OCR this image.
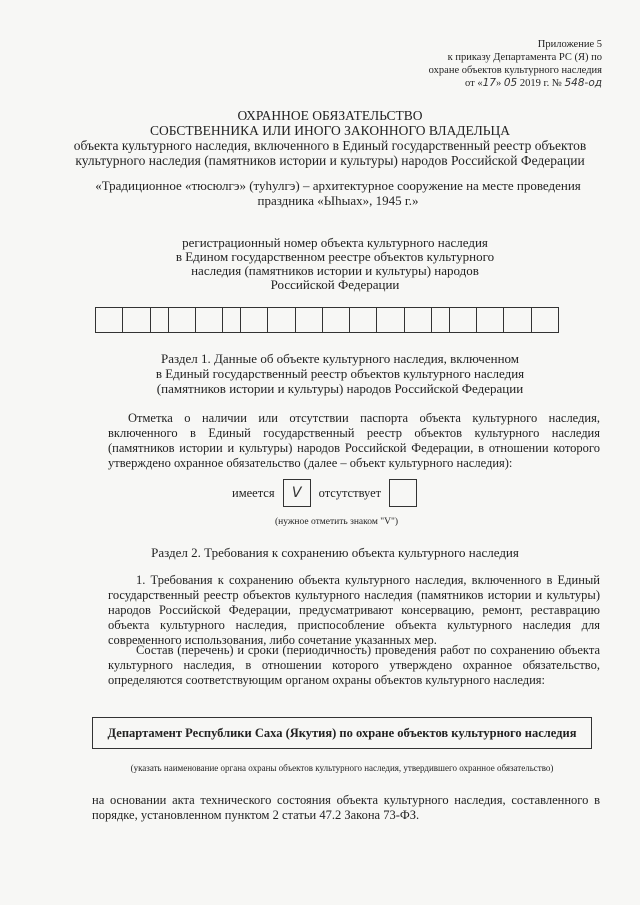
Приложение 5
к приказу Департамента РС (Я) по
охране объектов культурного наследия
от «17» 05 2019 г. № 548-од
ОХРАННОЕ ОБЯЗАТЕЛЬСТВО
СОБСТВЕННИКА ИЛИ ИНОГО ЗАКОННОГО ВЛАДЕЛЬЦА
объекта культурного наследия, включенного в Единый государственный реестр объектов
культурного наследия (памятников истории и культуры) народов Российской Федерации
«Традиционное «тюсюлгэ» (туhулгэ) – архитектурное сооружение на месте проведения праздника «Ыһыах», 1945 г.»
регистрационный номер объекта культурного наследия
в Едином государственном реестре объектов культурного
наследия (памятников истории и культуры) народов
Российской Федерации
Раздел 1. Данные об объекте культурного наследия, включенном
в Единый государственный реестр объектов культурного наследия
(памятников истории и культуры) народов Российской Федерации
Отметка о наличии или отсутствии паспорта объекта культурного наследия, включенного в Единый государственный реестр объектов культурного наследия (памятников истории и культуры) народов Российской Федерации, в отношении которого утверждено охранное обязательство (далее – объект культурного наследия):
имеется V отсутствует
(нужное отметить знаком "V")
Раздел 2. Требования к сохранению объекта культурного наследия
1. Требования к сохранению объекта культурного наследия, включенного в Единый государственный реестр объектов культурного наследия (памятников истории и культуры) народов Российской Федерации, предусматривают консервацию, ремонт, реставрацию объекта культурного наследия, приспособление объекта культурного наследия для современного использования, либо сочетание указанных мер.
Состав (перечень) и сроки (периодичность) проведения работ по сохранению объекта культурного наследия, в отношении которого утверждено охранное обязательство, определяются соответствующим органом охраны объектов культурного наследия:
Департамент Республики Саха (Якутия) по охране объектов культурного наследия
(указать наименование органа охраны объектов культурного наследия, утвердившего охранное обязательство)
на основании акта технического состояния объекта культурного наследия, составленного в порядке, установленном пунктом 2 статьи 47.2 Закона 73-ФЗ.
